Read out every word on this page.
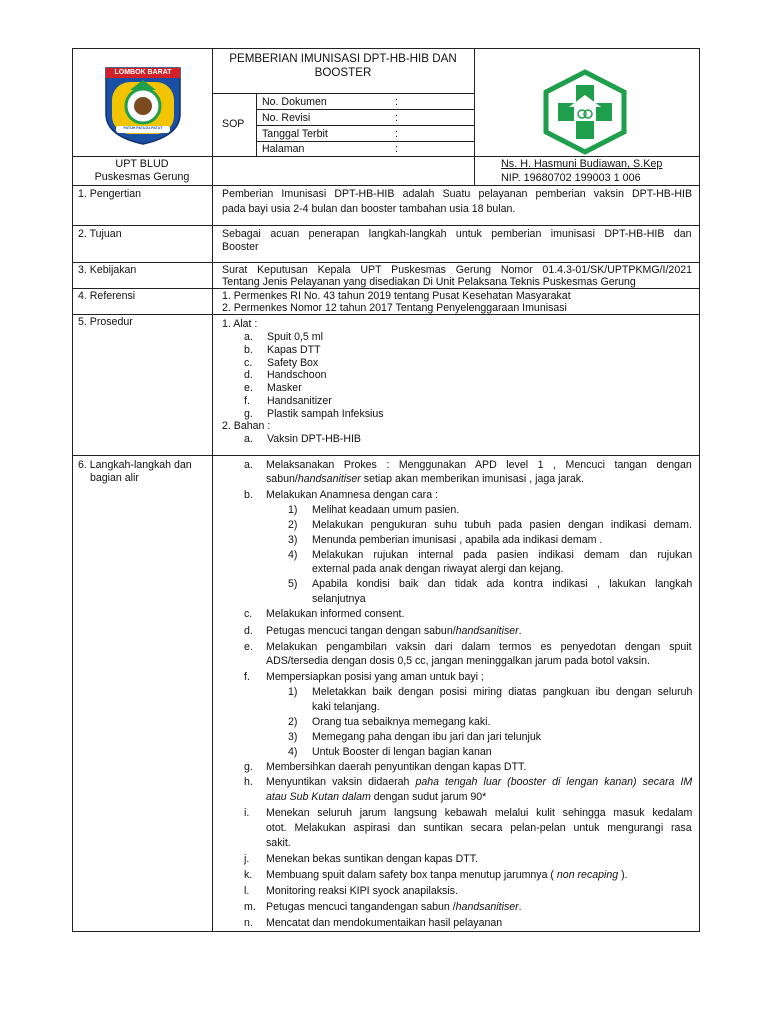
LOMBOK BARAT
PATUH PATUJU PATUT
PEMBERIAN IMUNISASI DPT-HB-HIB DAN
BOOSTER
SOP
No. Dokumen	:
No. Revisi	:
Tanggal Terbit	:
Halaman	:
UPT BLUD
Puskesmas Gerung
Ns. H. Hasmuni Budiawan, S.Kep
NIP. 19680702 199003 1 006
1. Pengertian	Pemberian Imunisasi DPT-HB-HIB adalah Suatu pelayanan pemberian vaksin DPT-HB-HIB
pada bayi usia 2-4 bulan dan booster tambahan usia 18 bulan.
2. Tujuan	Sebagai acuan penerapan langkah-langkah untuk pemberian imunisasi DPT-HB-HIB dan
Booster
3. Kebijakan	Surat Keputusan Kepala UPT Puskesmas Gerung Nomor 01.4.3-01/SK/UPTPKMG/I/2021
Tentang Jenis Pelayanan yang disediakan Di Unit Pelaksana Teknis Puskesmas Gerung
4. Referensi	1. Permenkes RI No. 43 tahun 2019 tentang Pusat Kesehatan Masyarakat
2. Permenkes Nomor 12 tahun 2017 Tentang Penyelenggaraan Imunisasi
5. Prosedur	1. Alat :
a. Spuit 0,5 ml
b. Kapas DTT
c. Safety Box
d. Handschoon
e. Masker
f. Handsanitizer
g. Plastik sampah Infeksius
2. Bahan :
a. Vaksin DPT-HB-HIB
6. Langkah-langkah dan
bagian alir
a. Melaksanakan Prokes : Menggunakan APD level 1 , Mencuci tangan dengan
sabun/handsanitiser setiap akan memberikan imunisasi , jaga jarak.
b. Melakukan Anamnesa dengan cara :
1) Melihat keadaan umum pasien.
2) Melakukan pengukuran suhu tubuh pada pasien dengan indikasi demam.
3) Menunda pemberian imunisasi , apabila ada indikasi demam .
4) Melakukan rujukan internal pada pasien indikasi demam dan rujukan
external pada anak dengan riwayat alergi dan kejang.
5) Apabila kondisi baik dan tidak ada kontra indikasi , lakukan langkah
selanjutnya
c. Melakukan informed consent.
d. Petugas mencuci tangan dengan sabun/handsanitiser.
e. Melakukan pengambilan vaksin dari dalam termos es penyedotan dengan spuit
ADS/tersedia dengan dosis 0,5 cc, jangan meninggalkan jarum pada botol vaksin.
f. Mempersiapkan posisi yang aman untuk bayi ;
1) Meletakkan baik dengan posisi miring diatas pangkuan ibu dengan seluruh
kaki telanjang.
2) Orang tua sebaiknya memegang kaki.
3) Memegang paha dengan ibu jari dan jari telunjuk
4) Untuk Booster di lengan bagian kanan
g. Membersihkan daerah penyuntikan dengan kapas DTT.
h. Menyuntikan vaksin didaerah paha tengah luar (booster di lengan kanan) secara IM
atau Sub Kutan dalam dengan sudut jarum 90*
i. Menekan seluruh jarum langsung kebawah melalui kulit sehingga masuk kedalam
otot. Melakukan aspirasi dan suntikan secara pelan-pelan untuk mengurangi rasa
sakit.
j. Menekan bekas suntikan dengan kapas DTT.
k. Membuang spuit dalam safety box tanpa menutup jarumnya ( non recaping ).
l. Monitoring reaksi KIPI syock anapilaksis.
m. Petugas mencuci tangandengan sabun /handsanitiser.
n. Mencatat dan mendokumentaikan hasil pelayanan
